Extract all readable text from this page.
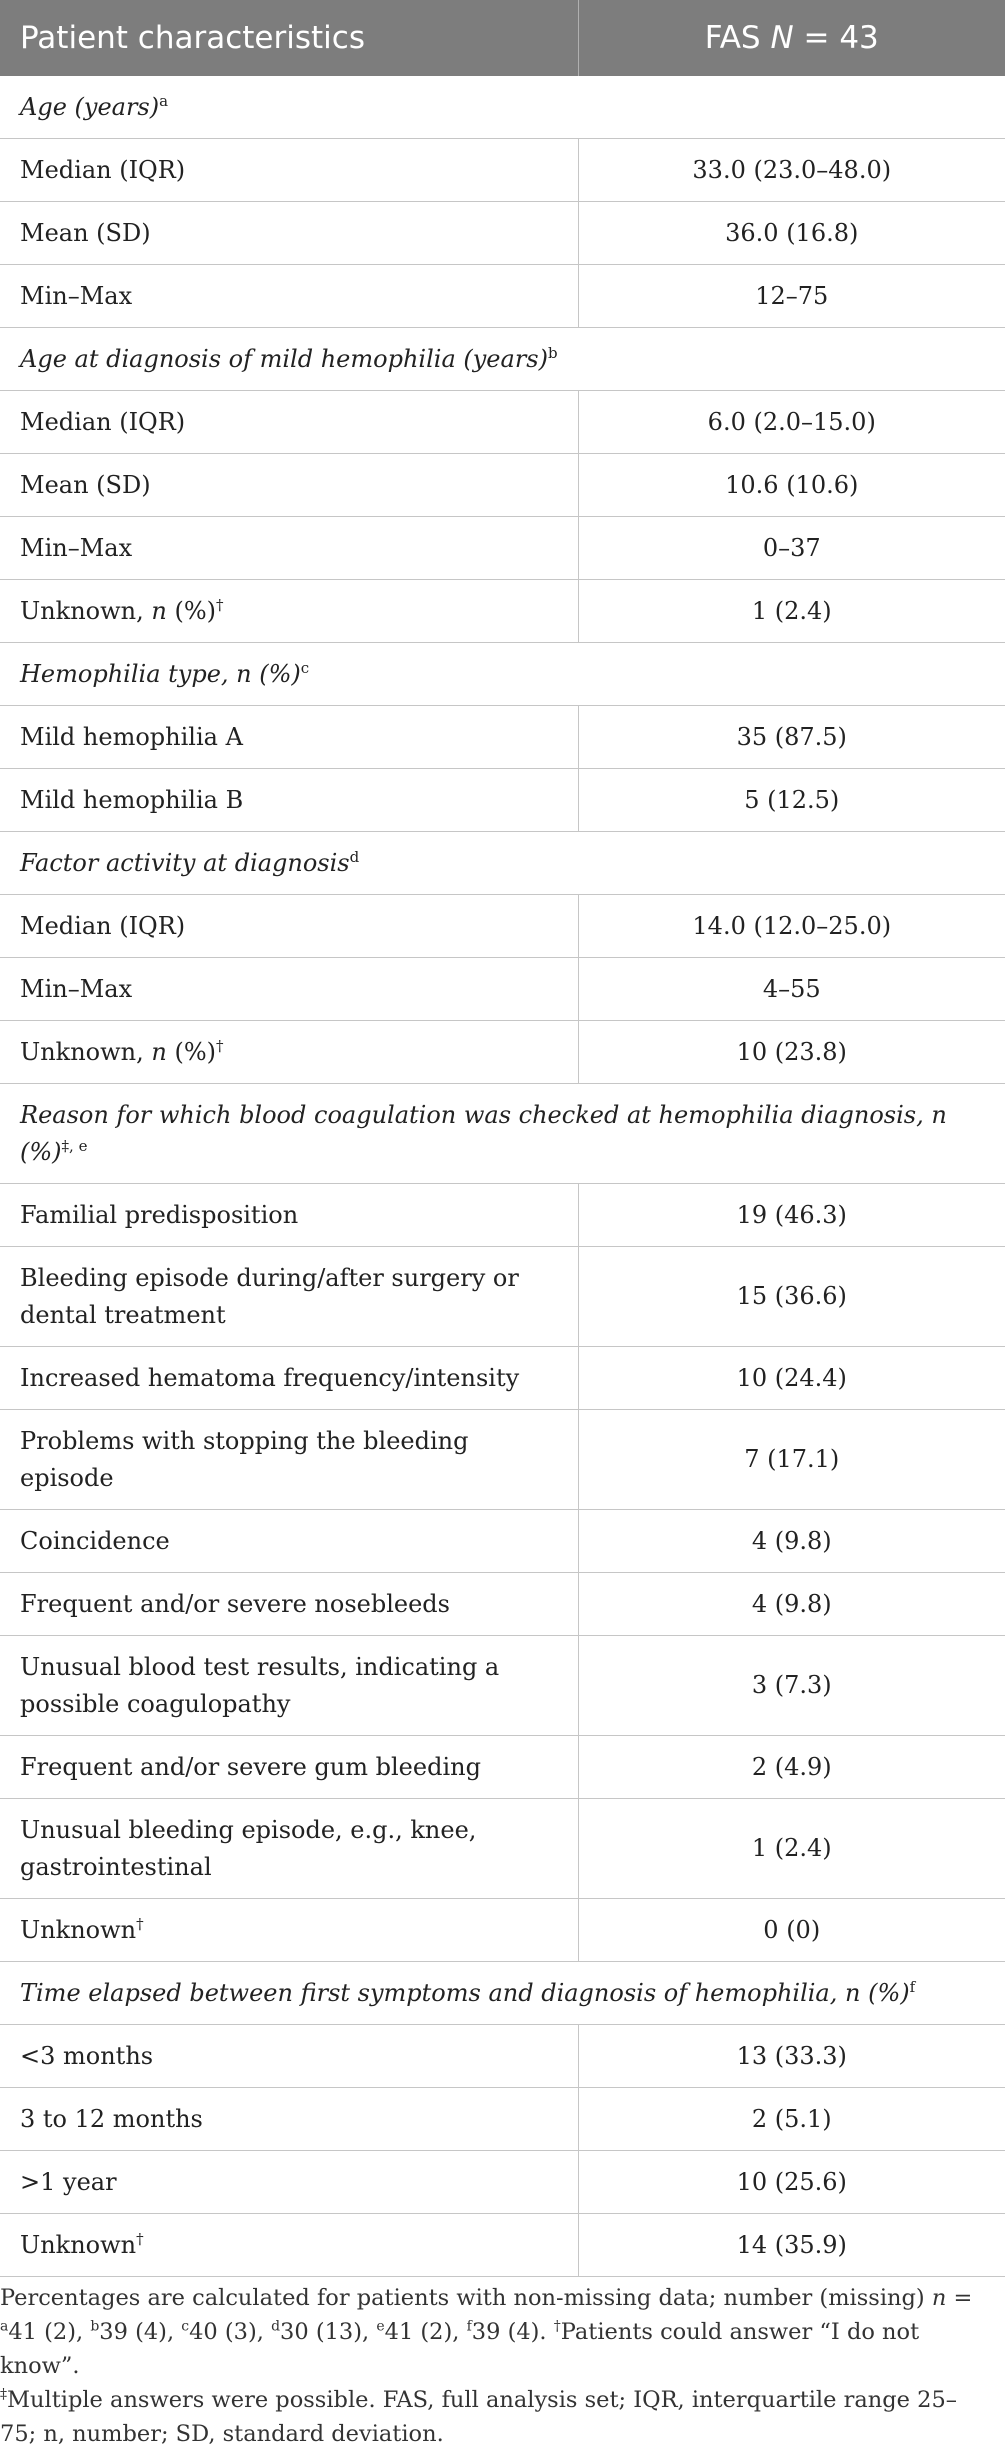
Patient characteristics	FAS N = 43
Age (years)$^a$
Median (IQR)	33.0 (23.0–48.0)
Mean (SD)	36.0 (16.8)
Min–Max	12–75
Age at diagnosis of mild hemophilia (years)$^b$
Median (IQR)	6.0 (2.0–15.0)
Mean (SD)	10.6 (10.6)
Min–Max	0–37
Unknown, n (%)†	1 (2.4)
Hemophilia type, n (%)$^c$
Mild hemophilia A	35 (87.5)
Mild hemophilia B	5 (12.5)
Factor activity at diagnosis$^d$
Median (IQR)	14.0 (12.0–25.0)
Min–Max	4–55
Unknown, n (%)†	10 (23.8)
Reason for which blood coagulation was checked at hemophilia diagnosis, n (%)$^{\ddagger, e}$
Familial predisposition	19 (46.3)
Bleeding episode during/after surgery or dental treatment	15 (36.6)
Increased hematoma frequency/intensity	10 (24.4)
Problems with stopping the bleeding episode	7 (17.1)
Coincidence	4 (9.8)
Frequent and/or severe nosebleeds	4 (9.8)
Unusual blood test results, indicating a possible coagulopathy	3 (7.3)
Frequent and/or severe gum bleeding	2 (4.9)
Unusual bleeding episode, e.g., knee, gastrointestinal	1 (2.4)
Unknown†	0 (0)
Time elapsed between first symptoms and diagnosis of hemophilia, n (%)$^f$
<3 months	13 (33.3)
3 to 12 months	2 (5.1)
>1 year	10 (25.6)
Unknown†	14 (35.9)
Percentages are calculated for patients with non-missing data; number (missing) n = $^a$41 (2), $^b$39 (4), $^c$40 (3), $^d$30 (13), $^e$41 (2), $^f$39 (4). †Patients could answer “I do not know”.
‡Multiple answers were possible. FAS, full analysis set; IQR, interquartile range 25–75; n, number; SD, standard deviation.
